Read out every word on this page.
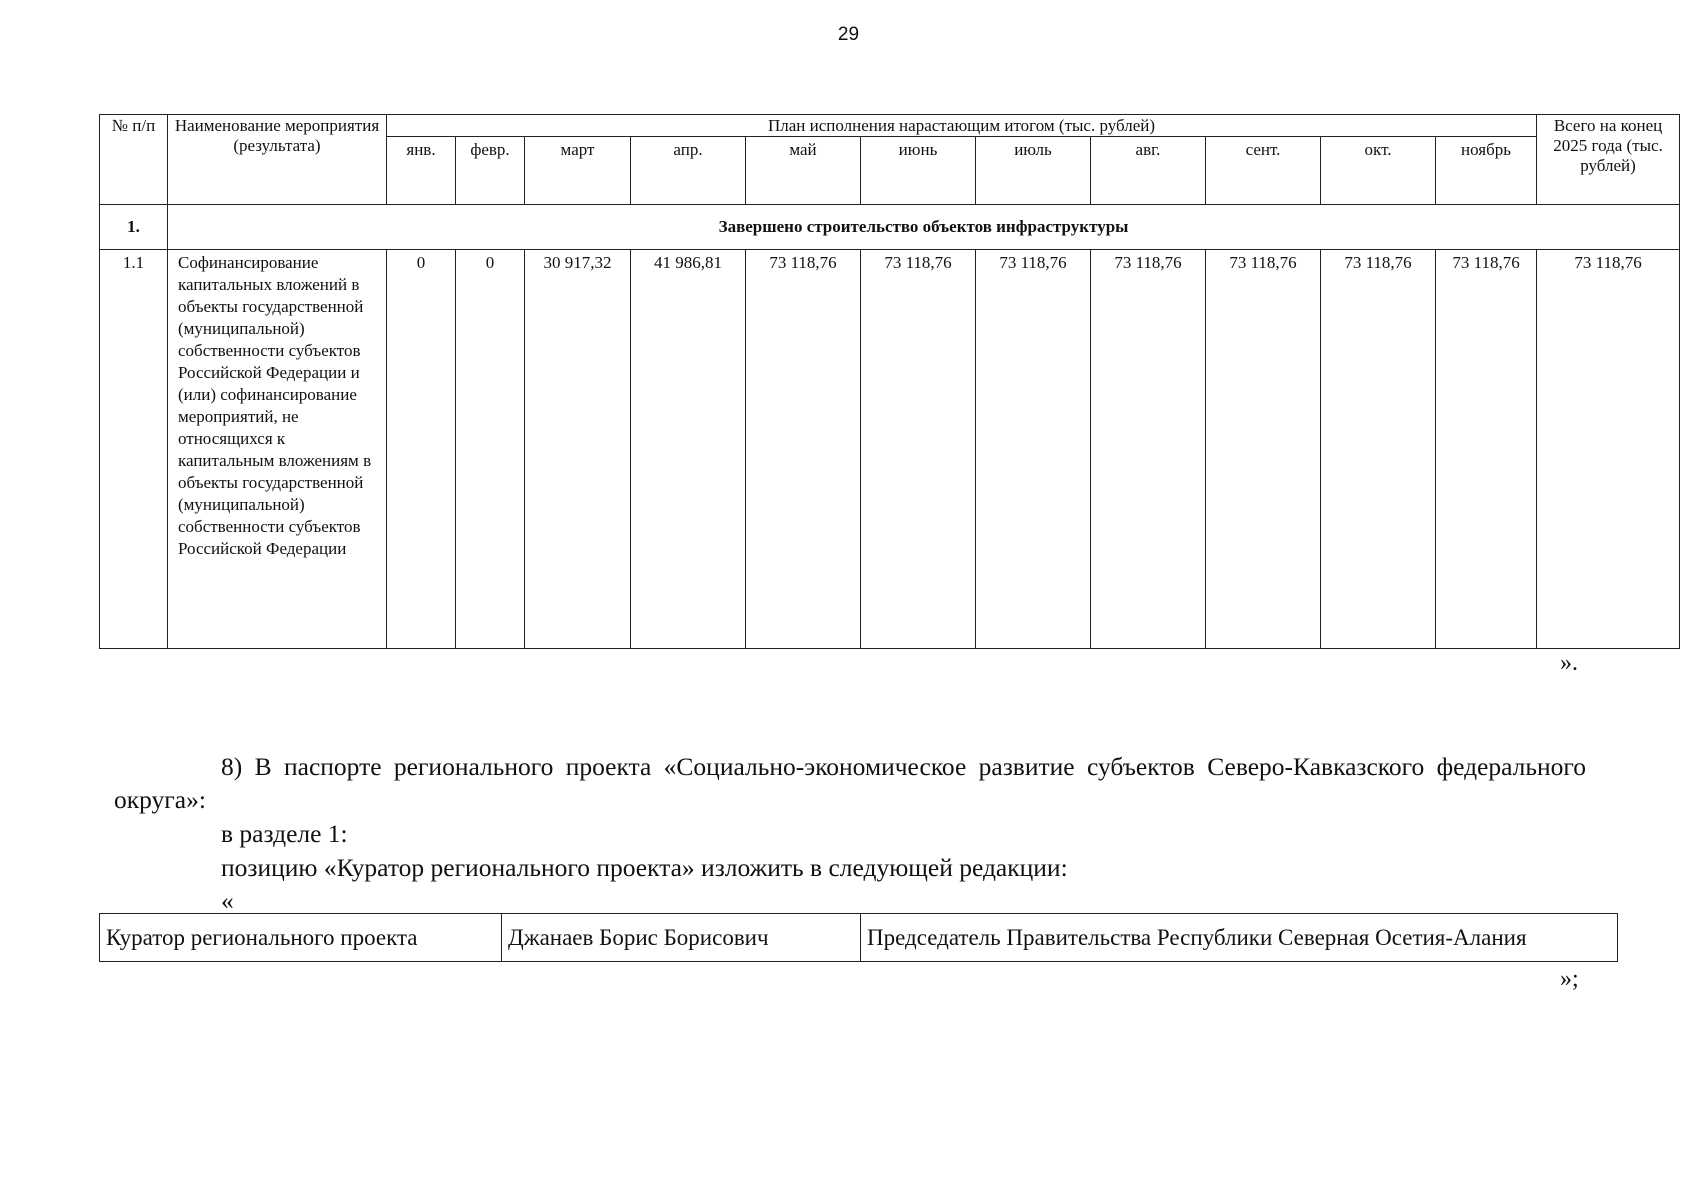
29
№ п/п	Наименование мероприятия (результата)	План исполнения нарастающим итогом (тыс. рублей)											Всего на конец 2025 года (тыс. рублей)
		янв.	февр.	март	апр.	май	июнь	июль	авг.	сент.	окт.	ноябрь	
1.	Завершено строительство объектов инфраструктуры												
1.1	Софинансирование капитальных вложений в объекты государственной (муниципальной) собственности субъектов Российской Федерации и (или) софинансирование мероприятий, не относящихся к капитальным вложениям в объекты государственной (муниципальной) собственности субъектов Российской Федерации	0	0	30 917,32	41 986,81	73 118,76	73 118,76	73 118,76	73 118,76	73 118,76	73 118,76	73 118,76	73 118,76
».
8) В паспорте регионального проекта «Социально-экономическое развитие субъектов Северо-Кавказского федерального округа»:
в разделе 1:
позицию «Куратор регионального проекта» изложить в следующей редакции:
«
Куратор регионального проекта	Джанаев Борис Борисович	Председатель Правительства Республики Северная Осетия-Алания
»;
